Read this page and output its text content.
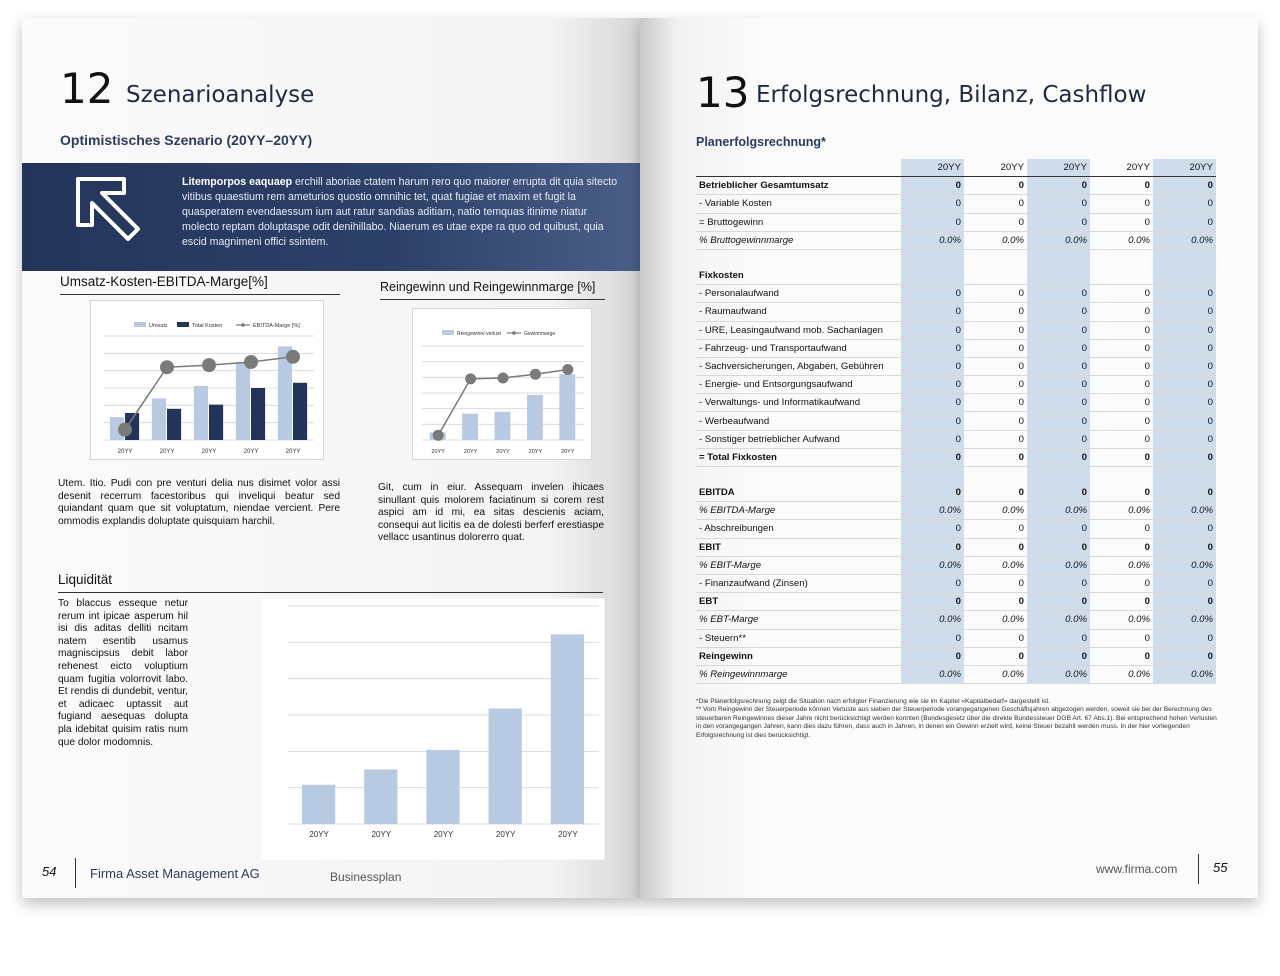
12 Szenarioanalyse
Optimistisches Szenario (20YY–20YY)
Litemporpos eaquaep erchill aboriae ctatem harum rero quo maiorer errupta dit quia sitecto vitibus quaestium rem ameturios quostio omnihic tet, quat fugiae et maxim et fugit la quasperatem evendaessum ium aut ratur sandias aditiam, natio temquas itinime niatur molecto reptam doluptaspe odit denihillabo. Niaerum es utae expe ra quo od quibust, quia escid magnimeni offici ssintem.
Umsatz-Kosten-EBITDA-Marge[%]	Reingewinn und Reingewinnmarge [%]
20YY	20YY	20YY	20YY	20YY
Umsatz	Total Kosten	EBITDA-Marge [%]
20YY	20YY	20YY	20YY	20YY
Reingewinn/-verlust	Gewinnmarge
Utem. Itio. Pudi con pre venturi delia nus disimet volor assi desenit recerrum facestoribus qui inveliqui beatur sed quiandant quam que sit voluptatum, niendae vercient. Pere ommodis explandis doluptate quisquiam harchil.
Git, cum in eiur. Assequam invelen ihicaes sinullant quis molorem faciatinum si corem rest aspici am id mi, ea sitas descienis aciam, consequi aut licitis ea de dolesti berferf erestiaspe vellacc usantinus dolorerro quat.
Liquidität
To blaccus esseque netur rerum int ipicae asperum hil isi dis aditas delliti ncitam natem esentib usamus magniscipsus debit labor rehenest eicto voluptium quam fugitia volorrovit labo. Et rendis di dundebit, ventur, et adicaec uptassit aut fugiand aesequas dolupta pla idebitat quisim ratis num que dolor modomnis.
20YY	20YY	20YY	20YY	20YY
54	Firma Asset Management AG	Businessplan
13 Erfolgsrechnung, Bilanz, Cashflow
Planerfolgsrechnung*
	20YY	20YY	20YY	20YY	20YY
Betrieblicher Gesamtumsatz	0	0	0	0	0
- Variable Kosten	0	0	0	0	0
= Bruttogewinn	0	0	0	0	0
% Bruttogewinnmarge	0.0%	0.0%	0.0%	0.0%	0.0%

Fixkosten					
- Personalaufwand	0	0	0	0	0
- Raumaufwand	0	0	0	0	0
- URE, Leasingaufwand mob. Sachanlagen	0	0	0	0	0
- Fahrzeug- und Transportaufwand	0	0	0	0	0
- Sachversicherungen, Abgaben, Gebühren	0	0	0	0	0
- Energie- und Entsorgungsaufwand	0	0	0	0	0
- Verwaltungs- und Informatikaufwand	0	0	0	0	0
- Werbeaufwand	0	0	0	0	0
- Sonstiger betrieblicher Aufwand	0	0	0	0	0
= Total Fixkosten	0	0	0	0	0

EBITDA	0	0	0	0	0
% EBITDA-Marge	0.0%	0.0%	0.0%	0.0%	0.0%
- Abschreibungen	0	0	0	0	0
EBIT	0	0	0	0	0
% EBIT-Marge	0.0%	0.0%	0.0%	0.0%	0.0%
- Finanzaufwand (Zinsen)	0	0	0	0	0
EBT	0	0	0	0	0
% EBT-Marge	0.0%	0.0%	0.0%	0.0%	0.0%
- Steuern**	0	0	0	0	0
Reingewinn	0	0	0	0	0
% Reingewinnmarge	0.0%	0.0%	0.0%	0.0%	0.0%
*Die Planerfolgsrechnung zeigt die Situation nach erfolgter Finanzierung wie sie im Kapitel «Kapitalbedarf» dargestellt ist.
** Vom Reingewinn der Steuerperiode können Verluste aus sieben der Steuerperiode vorangegangenen Geschäftsjahren abgezogen werden, soweit sie bei der Berechnung des steuerbaren Reingewinnes dieser Jahre nicht berücksichtigt werden konnten (Bundesgesetz über die direkte Bundessteuer DGB Art. 67 Abs.1). Bei entsprechend hohen Verlusten in den vorangegangen Jahren, kann dies dazu führen, dass auch in Jahren, in denen ein Gewinn erzielt wird, keine Steuer bezahlt werden muss. In der hier vorliegenden Erfolgsrechnung ist dies berücksichtigt.
www.firma.com	55
